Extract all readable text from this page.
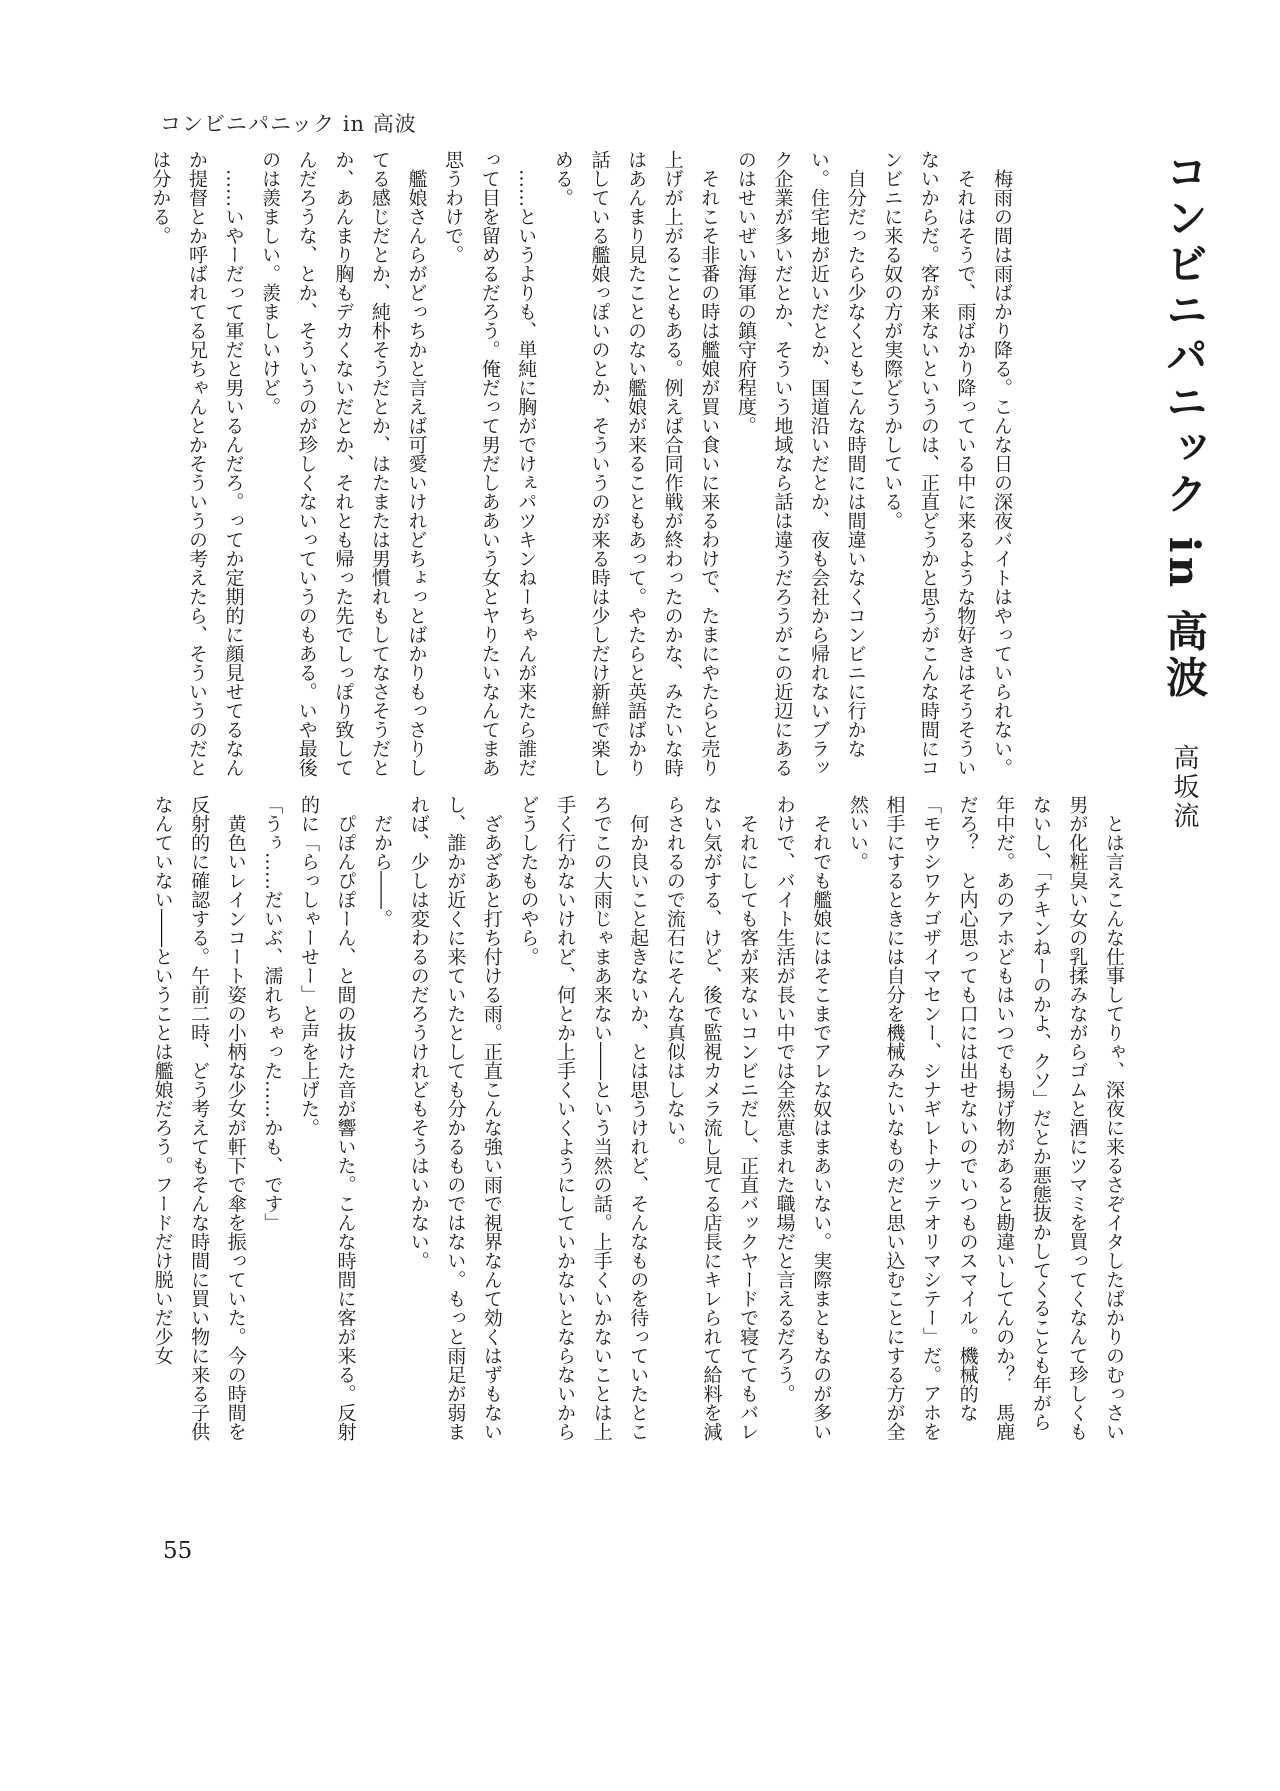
コンビニパニック in 高波
コンビニパニック in 高波高坂流

　梅雨の間は雨ばかり降る。こんな日の深夜バイトはやっていられない。

　それはそうで、雨ばかり降っている中に来るような物好きはそうそういないからだ。客が来ないというのは、正直どうかと思うがこんな時間にコンビニに来る奴の方が実際どうかしている。

　自分だったら少なくともこんな時間には間違いなくコンビニに行かない。住宅地が近いだとか、国道沿いだとか、夜も会社から帰れないブラック企業が多いだとか、そういう地域なら話は違うだろうがこの近辺にあるのはせいぜい海軍の鎮守府程度。

　それこそ非番の時は艦娘が買い食いに来るわけで、たまにやたらと売り上げが上がることもある。例えば合同作戦が終わったのかな、みたいな時はあんまり見たことのない艦娘が来ることもあって。やたらと英語ばかり話している艦娘っぽいのとか、そういうのが来る時は少しだけ新鮮で楽しめる。

　……というよりも、単純に胸がでけぇパツキンねーちゃんが来たら誰だって目を留めるだろう。俺だって男だしああいう女とヤりたいなんてまあ思うわけで。

　艦娘さんらがどっちかと言えば可愛いけれどちょっとばかりもっさりしてる感じだとか、純朴そうだとか、はたまたは男慣れもしてなさそうだとか、あんまり胸もデカくないだとか、それとも帰った先でしっぽり致してんだろうな、とか、そういうのが珍しくないっていうのもある。いや最後のは羨ましい。羨ましいけど。

　……いやーだって軍だと男いるんだろ。ってか定期的に顔見せてるなんか提督とか呼ばれてる兄ちゃんとかそういうの考えたら、そういうのだとは分かる。

　とは言えこんな仕事してりゃ、深夜に来るさぞイタしたばかりのむっさい男が化粧臭い女の乳揉みながらゴムと酒にツマミを買ってくなんて珍しくもないし、「チキンねーのかよ、クソ」だとか悪態抜かしてくることも年がら年中だ。あのアホどもはいつでも揚げ物があると勘違いしてんのか？　馬鹿だろ？　と内心思っても口には出せないのでいつものスマイル。機械的な「モウシワケゴザイマセンー、シナギレトナッテオリマシテー」だ。アホを相手にするときには自分を機械みたいなものだと思い込むことにする方が全然いい。

　それでも艦娘にはそこまでアレな奴はまあいない。実際まともなのが多いわけで、バイト生活が長い中では全然恵まれた職場だと言えるだろう。

　それにしても客が来ないコンビニだし、正直バックヤードで寝ててもバレない気がする、けど、後で監視カメラ流し見てる店長にキレられて給料を減らされるので流石にそんな真似はしない。

　何か良いこと起きないか、とは思うけれど、そんなものを待っていたところでこの大雨じゃまあ来ない――という当然の話。上手くいかないことは上手く行かないけれど、何とか上手くいくようにしていかないとならないからどうしたものやら。

　ざあざあと打ち付ける雨。正直こんな強い雨で視界なんて効くはずもないし、誰かが近くに来ていたとしても分かるものではない。もっと雨足が弱まれば、少しは変わるのだろうけれどもそうはいかない。

　だから――。

　ぴぽんぴぽーん、と間の抜けた音が響いた。こんな時間に客が来る。反射的に「らっしゃーせー」と声を上げた。

「うぅ……だいぶ、濡れちゃった……かも、です」

　黄色いレインコート姿の小柄な少女が軒下で傘を振っていた。今の時間を反射的に確認する。午前二時、どう考えてもそんな時間に買い物に来る子供なんていない――ということは艦娘だろう。フードだけ脱いだ少女

55
